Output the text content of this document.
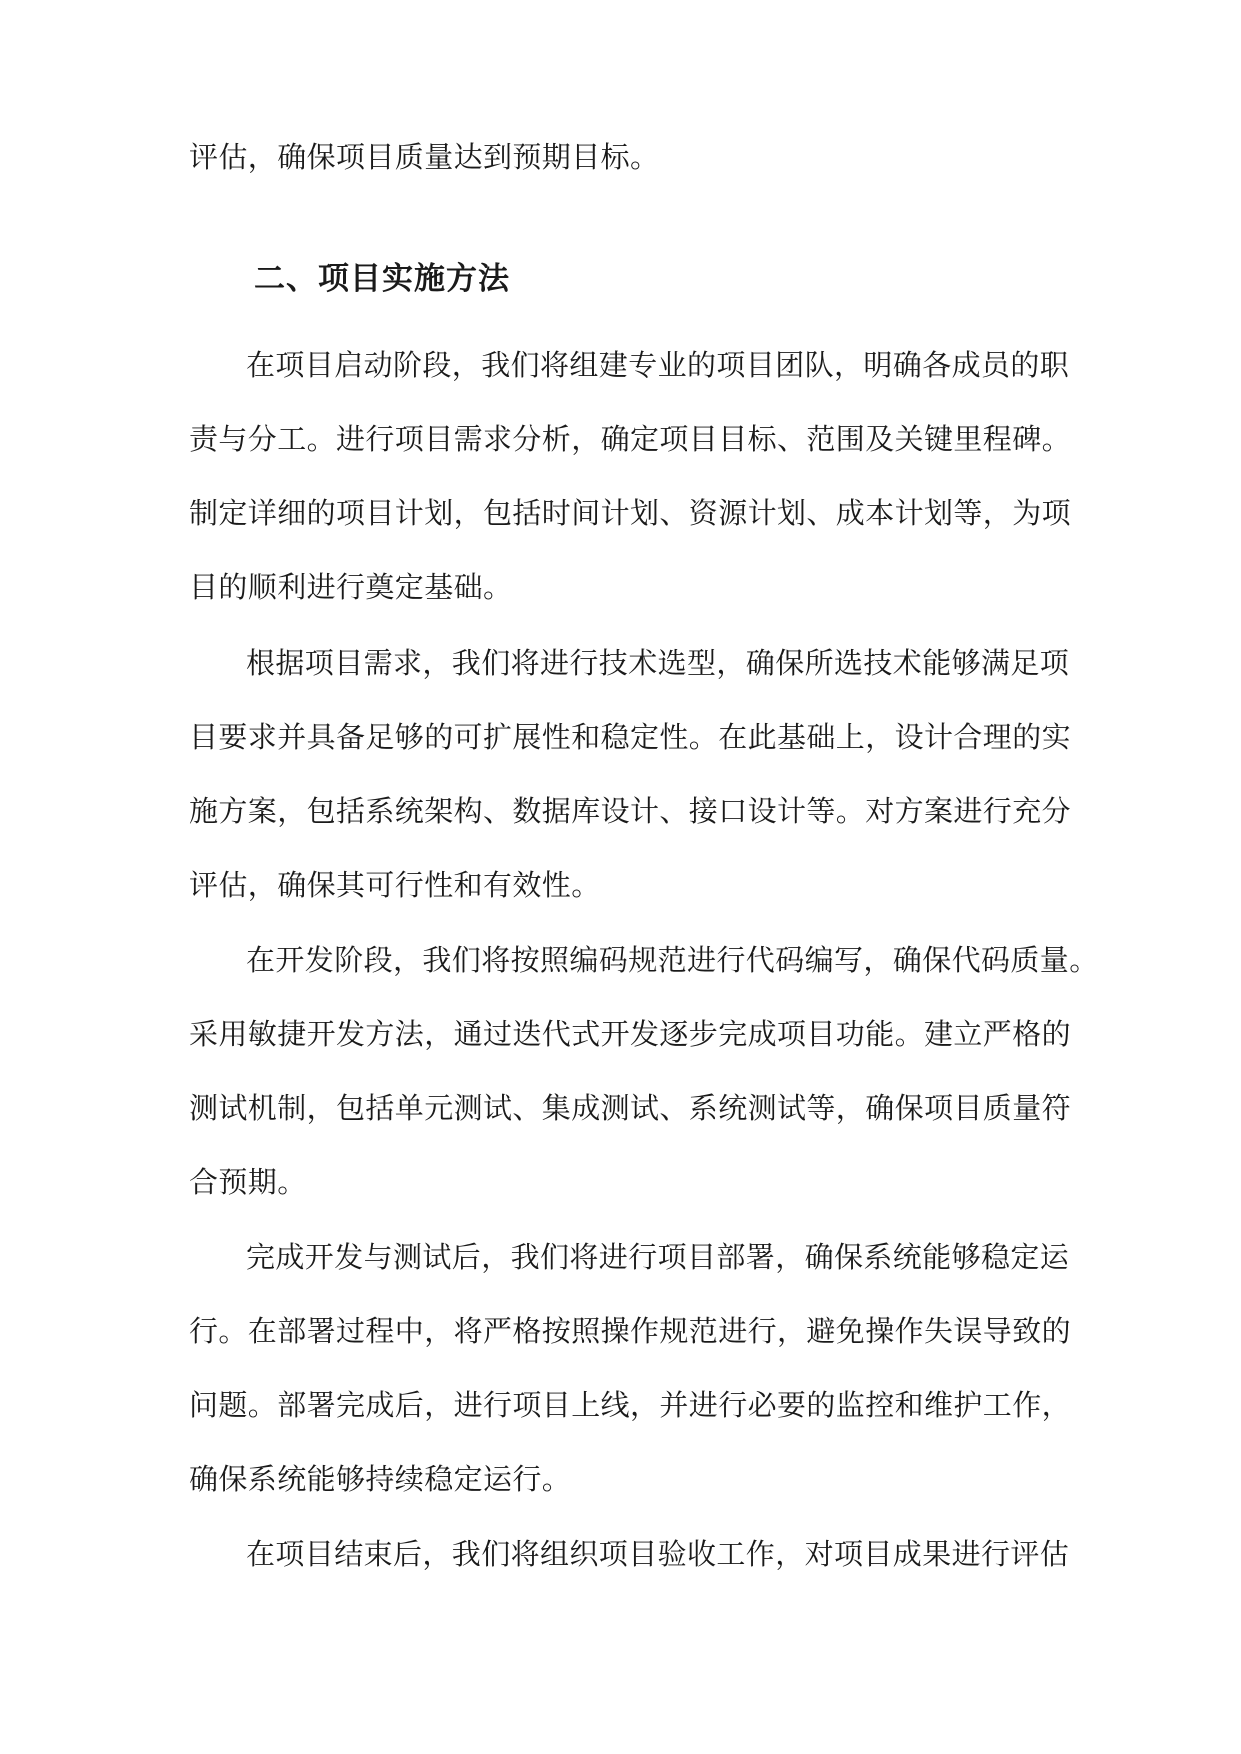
评估，确保项目质量达到预期目标。
二、项目实施方法
在项目启动阶段，我们将组建专业的项目团队，明确各成员的职
责与分工。进行项目需求分析，确定项目目标、范围及关键里程碑。
制定详细的项目计划，包括时间计划、资源计划、成本计划等，为项
目的顺利进行奠定基础。
根据项目需求，我们将进行技术选型，确保所选技术能够满足项
目要求并具备足够的可扩展性和稳定性。在此基础上，设计合理的实
施方案，包括系统架构、数据库设计、接口设计等。对方案进行充分
评估，确保其可行性和有效性。
在开发阶段，我们将按照编码规范进行代码编写，确保代码质量。
采用敏捷开发方法，通过迭代式开发逐步完成项目功能。建立严格的
测试机制，包括单元测试、集成测试、系统测试等，确保项目质量符
合预期。
完成开发与测试后，我们将进行项目部署，确保系统能够稳定运
行。在部署过程中，将严格按照操作规范进行，避免操作失误导致的
问题。部署完成后，进行项目上线，并进行必要的监控和维护工作，
确保系统能够持续稳定运行。
在项目结束后，我们将组织项目验收工作，对项目成果进行评估
